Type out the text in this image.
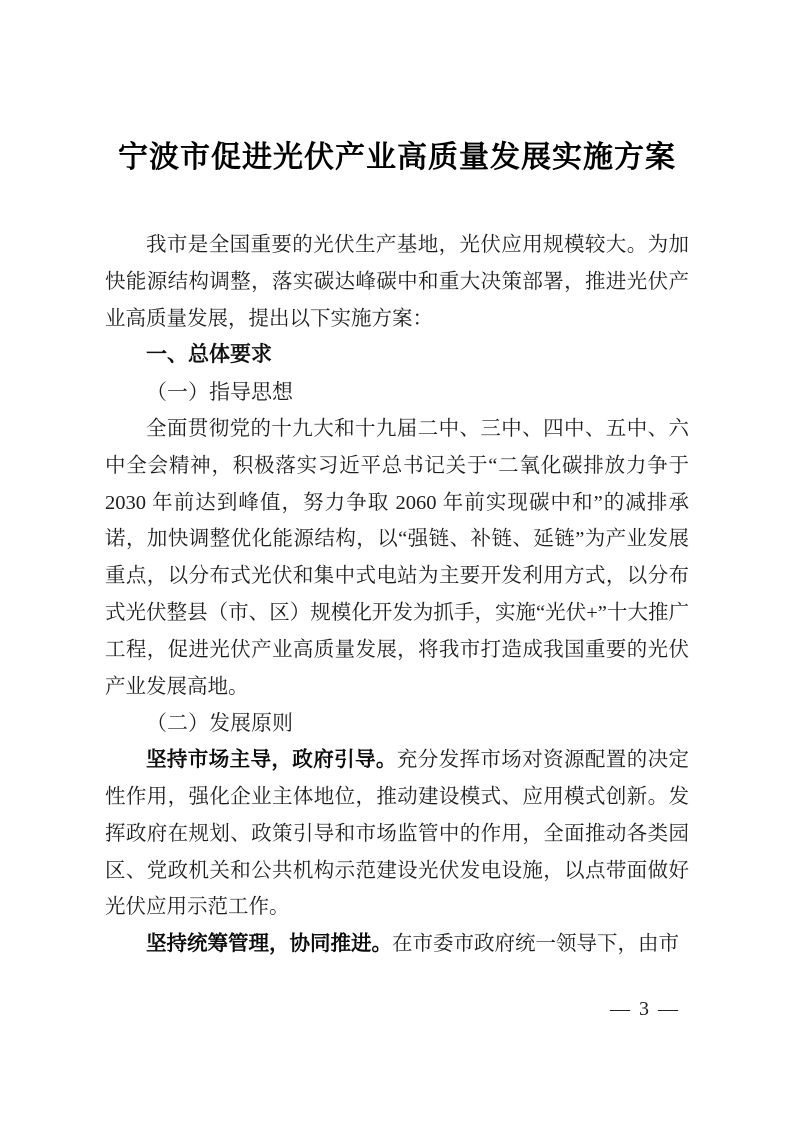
宁波市促进光伏产业高质量发展实施方案

我市是全国重要的光伏生产基地，光伏应用规模较大。为加快能源结构调整，落实碳达峰碳中和重大决策部署，推进光伏产业高质量发展，提出以下实施方案：

一、总体要求

（一）指导思想

全面贯彻党的十九大和十九届二中、三中、四中、五中、六中全会精神，积极落实习近平总书记关于“二氧化碳排放力争于 2030 年前达到峰值，努力争取 2060 年前实现碳中和”的减排承诺，加快调整优化能源结构，以“强链、补链、延链”为产业发展重点，以分布式光伏和集中式电站为主要开发利用方式，以分布式光伏整县（市、区）规模化开发为抓手，实施“光伏+”十大推广工程，促进光伏产业高质量发展，将我市打造成我国重要的光伏产业发展高地。

（二）发展原则

坚持市场主导，政府引导。充分发挥市场对资源配置的决定性作用，强化企业主体地位，推动建设模式、应用模式创新。发挥政府在规划、政策引导和市场监管中的作用，全面推动各类园区、党政机关和公共机构示范建设光伏发电设施，以点带面做好光伏应用示范工作。

坚持统筹管理，协同推进。在市委市政府统一领导下，由市

— 3 —
